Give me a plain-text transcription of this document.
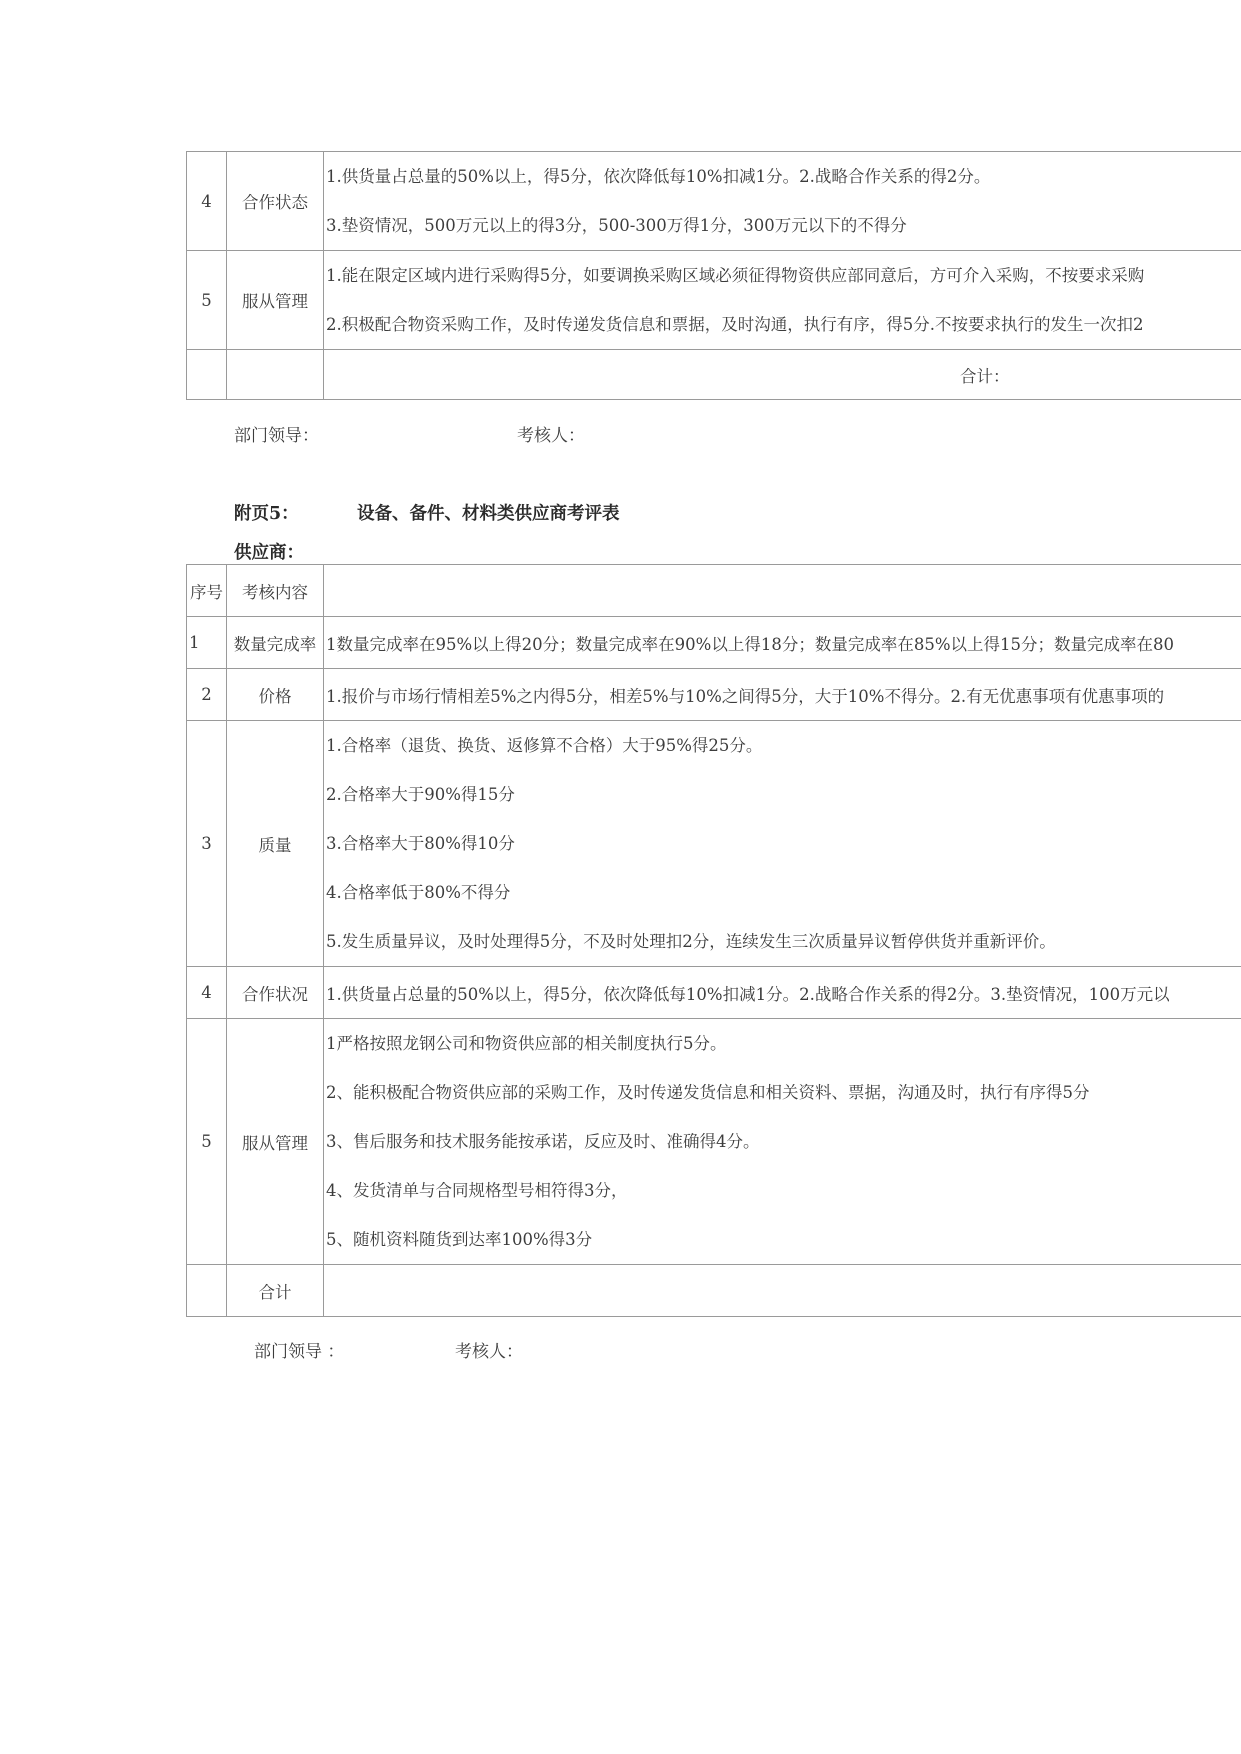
4	合作状态	1.供货量占总量的50%以上，得5分，依次降低每10%扣减1分。2.战略合作关系的得2分。
3.垫资情况，500万元以上的得3分，500-300万得1分，300万元以下的不得分

5	服从管理	1.能在限定区域内进行采购得5分，如要调换采购区域必须征得物资供应部同意后，方可介入采购，不按要求采购
2.积极配合物资采购工作，及时传递发货信息和票据，及时沟通，执行有序，得5分.不按要求执行的发生一次扣2

		合计：
部门领导：	考核人：
附页5：	设备、备件、材料类供应商考评表
供应商：
序号	考核内容	
1	数量完成率	1数量完成率在95%以上得20分；数量完成率在90%以上得18分；数量完成率在85%以上得15分；数量完成率在80

2	价格	1.报价与市场行情相差5%之内得5分，相差5%与10%之间得5分，大于10%不得分。2.有无优惠事项有优惠事项的

3	质量	1.合格率（退货、换货、返修算不合格）大于95%得25分。
2.合格率大于90%得15分
3.合格率大于80%得10分
4.合格率低于80%不得分
5.发生质量异议，及时处理得5分，不及时处理扣2分，连续发生三次质量异议暂停供货并重新评价。

4	合作状况	1.供货量占总量的50%以上，得5分，依次降低每10%扣减1分。2.战略合作关系的得2分。3.垫资情况，100万元以

5	服从管理	1严格按照龙钢公司和物资供应部的相关制度执行5分。
2、能积极配合物资供应部的采购工作，及时传递发货信息和相关资料、票据，沟通及时，执行有序得5分
3、售后服务和技术服务能按承诺，反应及时、准确得4分。
4、发货清单与合同规格型号相符得3分，
5、随机资料随货到达率100%得3分

	合计	
部门领导 ：	考核人：
